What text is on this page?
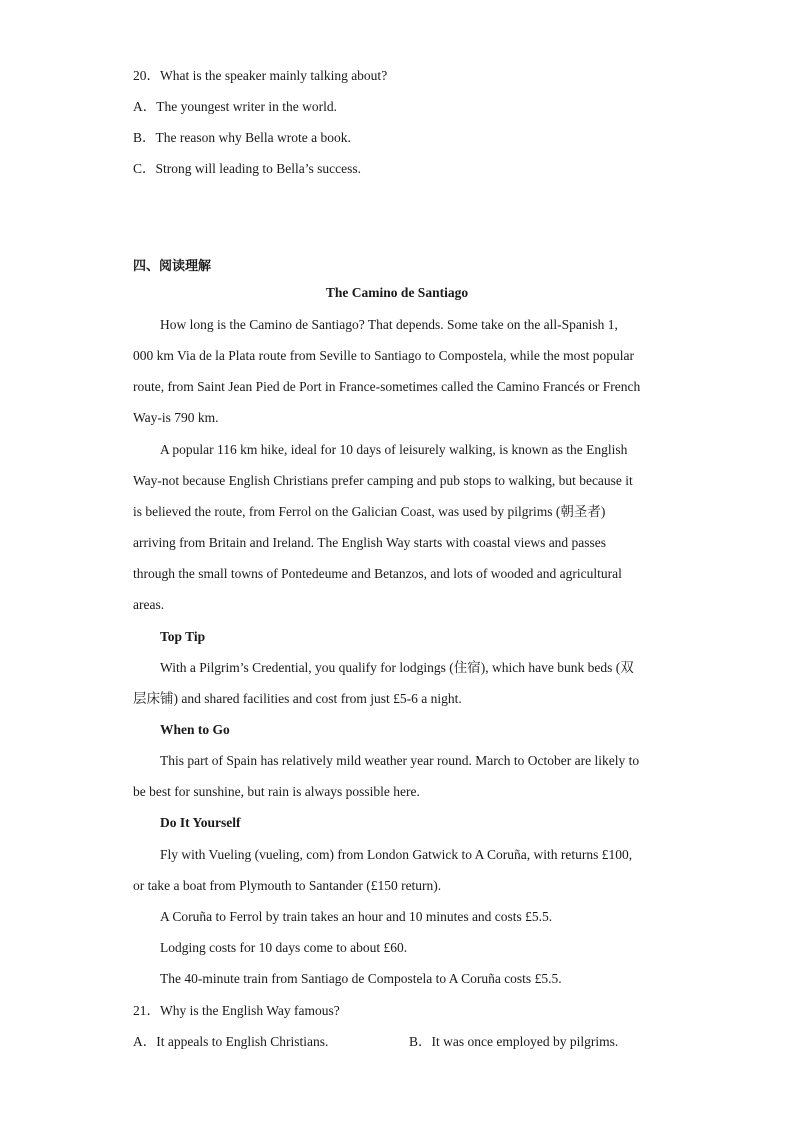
20．What is the speaker mainly talking about?
A．The youngest writer in the world.
B．The reason why Bella wrote a book.
C．Strong will leading to Bella’s success.
四、阅读理解
The Camino de Santiago
How long is the Camino de Santiago? That depends. Some take on the all-Spanish 1,
000 km Via de la Plata route from Seville to Santiago to Compostela, while the most popular
route, from Saint Jean Pied de Port in France-sometimes called the Camino Francés or French
Way-is 790 km.
A popular 116 km hike, ideal for 10 days of leisurely walking, is known as the English
Way-not because English Christians prefer camping and pub stops to walking, but because it
is believed the route, from Ferrol on the Galician Coast, was used by pilgrims (朝圣者)
arriving from Britain and Ireland. The English Way starts with coastal views and passes
through the small towns of Pontedeume and Betanzos, and lots of wooded and agricultural
areas.
Top Tip
With a Pilgrim’s Credential, you qualify for lodgings (住宿), which have bunk beds (双
层床铺) and shared facilities and cost from just £5-6 a night.
When to Go
This part of Spain has relatively mild weather year round. March to October are likely to
be best for sunshine, but rain is always possible here.
Do It Yourself
Fly with Vueling (vueling, com) from London Gatwick to A Coruña, with returns £100,
or take a boat from Plymouth to Santander (£150 return).
A Coruña to Ferrol by train takes an hour and 10 minutes and costs £5.5.
Lodging costs for 10 days come to about £60.
The 40-minute train from Santiago de Compostela to A Coruña costs £5.5.
21．Why is the English Way famous?
A．It appeals to English Christians.	B．It was once employed by pilgrims.
